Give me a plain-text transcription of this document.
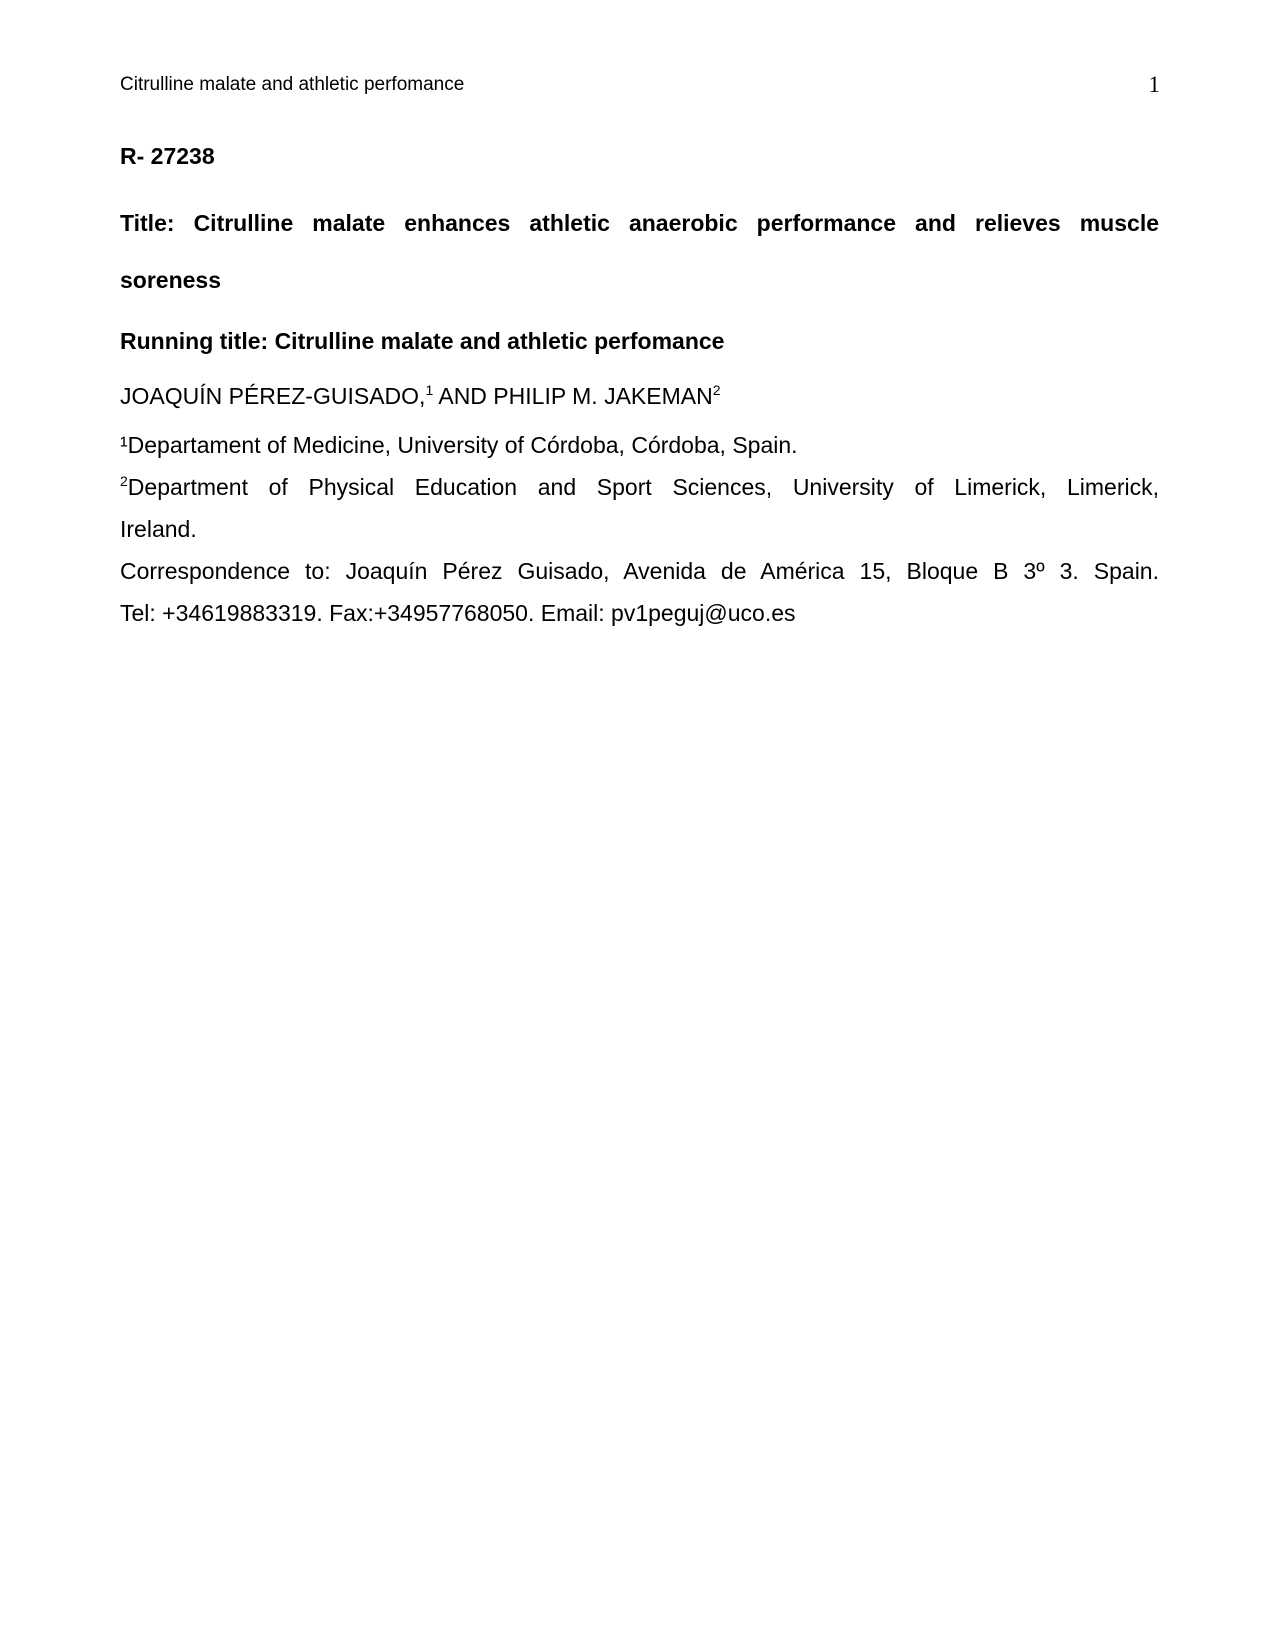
Citrulline malate and athletic perfomance	1
R- 27238
Title: Citrulline malate enhances athletic anaerobic performance and relieves muscle
soreness
Running title: Citrulline malate and athletic perfomance
JOAQUÍN PÉREZ-GUISADO,$^1$ AND PHILIP M. JAKEMAN$^2$
¹Departament of Medicine, University of Córdoba, Córdoba, Spain.
$^2$Department of Physical Education and Sport Sciences, University of Limerick, Limerick,
Ireland.
Correspondence to: Joaquín Pérez Guisado, Avenida de América 15, Bloque B 3º 3. Spain.
Tel: +34619883319. Fax:+34957768050. Email: pv1peguj@uco.es
